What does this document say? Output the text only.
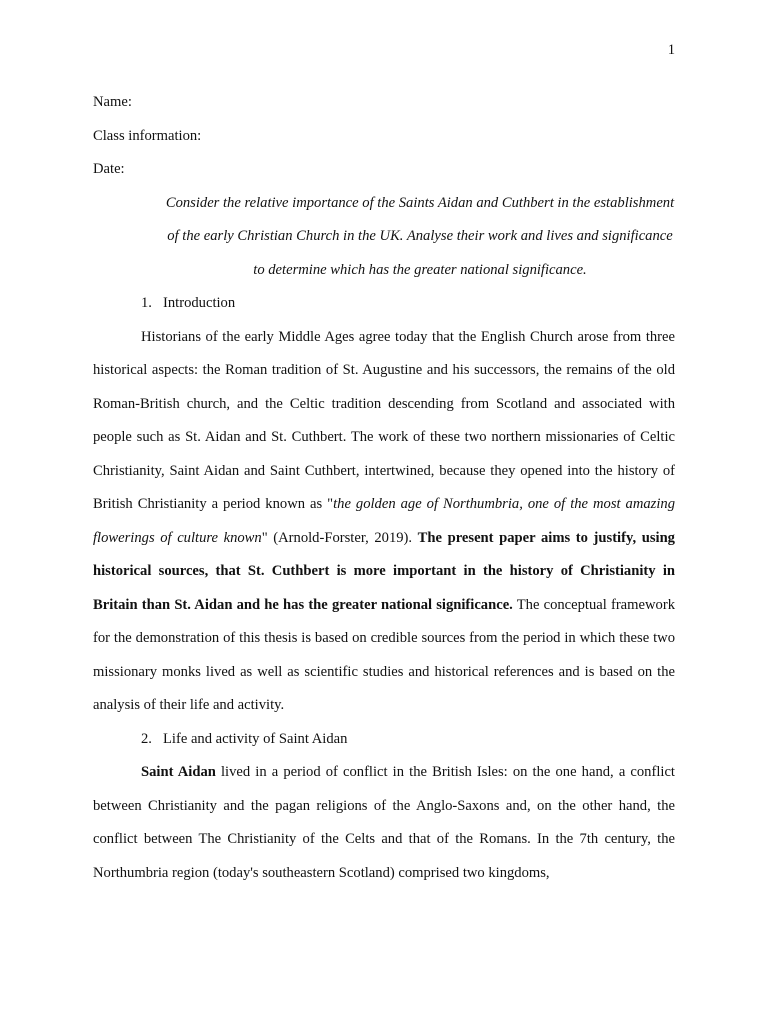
1
Name:
Class information:
Date:
Consider the relative importance of the Saints Aidan and Cuthbert in the establishment of the early Christian Church in the UK. Analyse their work and lives and significance to determine which has the greater national significance.
1. Introduction

Historians of the early Middle Ages agree today that the English Church arose from three historical aspects: the Roman tradition of St. Augustine and his successors, the remains of the old Roman-British church, and the Celtic tradition descending from Scotland and associated with people such as St. Aidan and St. Cuthbert. The work of these two northern missionaries of Celtic Christianity, Saint Aidan and Saint Cuthbert, intertwined, because they opened into the history of British Christianity a period known as "the golden age of Northumbria, one of the most amazing flowerings of culture known" (Arnold-Forster, 2019). The present paper aims to justify, using historical sources, that St. Cuthbert is more important in the history of Christianity in Britain than St. Aidan and he has the greater national significance. The conceptual framework for the demonstration of this thesis is based on credible sources from the period in which these two missionary monks lived as well as scientific studies and historical references and is based on the analysis of their life and activity.

2. Life and activity of Saint Aidan

Saint Aidan lived in a period of conflict in the British Isles: on the one hand, a conflict between Christianity and the pagan religions of the Anglo-Saxons and, on the other hand, the conflict between The Christianity of the Celts and that of the Romans. In the 7th century, the Northumbria region (today's southeastern Scotland) comprised two kingdoms,
